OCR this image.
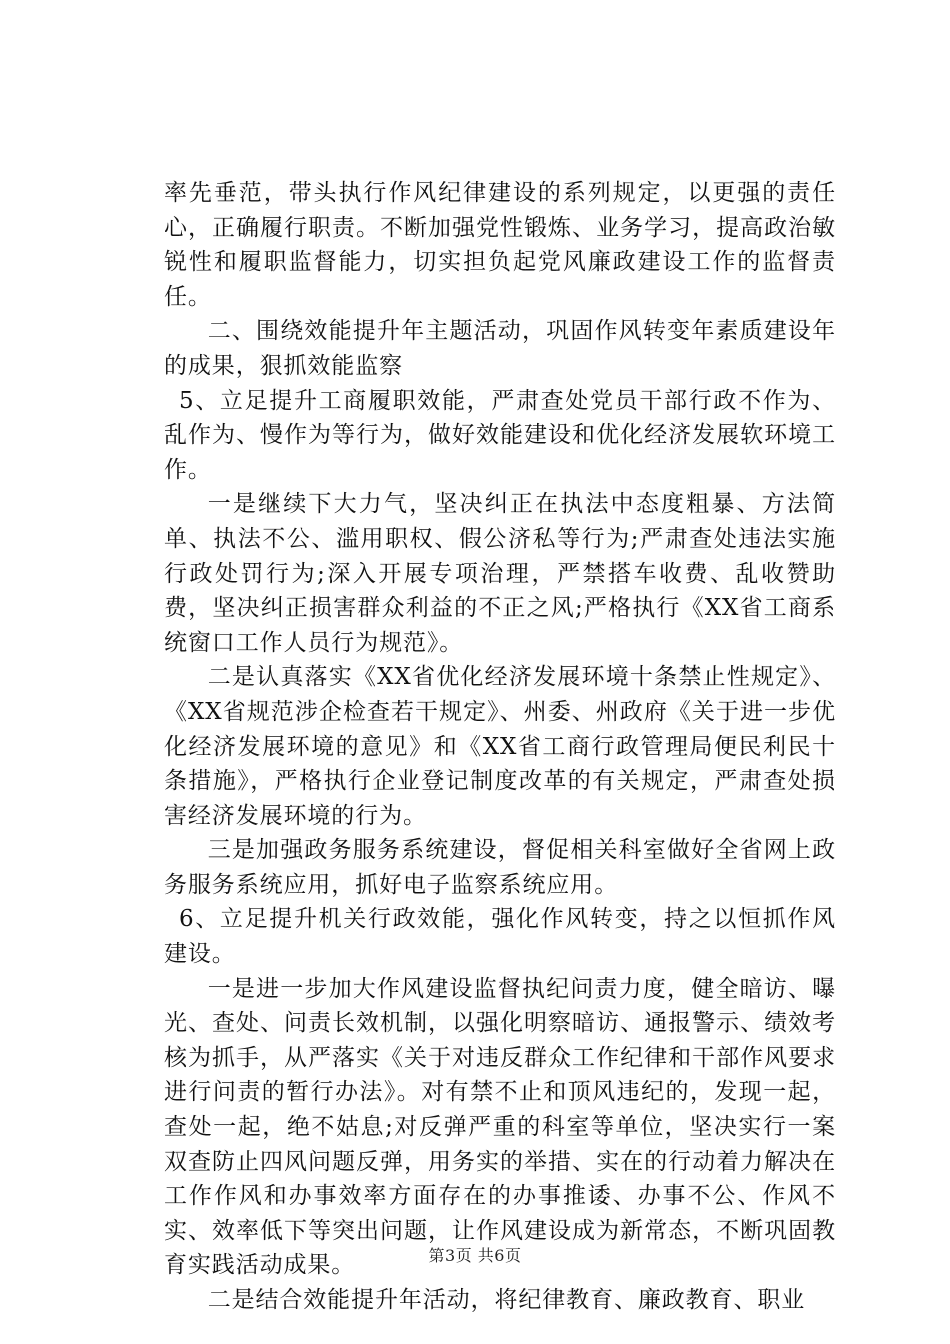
率先垂范，带头执行作风纪律建设的系列规定，以更强的责任心，正确履行职责。不断加强党性锻炼、业务学习，提高政治敏锐性和履职监督能力，切实担负起党风廉政建设工作的监督责任。

二、围绕效能提升年主题活动，巩固作风转变年素质建设年的成果，狠抓效能监察

5、立足提升工商履职效能，严肃查处党员干部行政不作为、乱作为、慢作为等行为，做好效能建设和优化经济发展软环境工作。

一是继续下大力气，坚决纠正在执法中态度粗暴、方法简单、执法不公、滥用职权、假公济私等行为;严肃查处违法实施行政处罚行为;深入开展专项治理，严禁搭车收费、乱收赞助费，坚决纠正损害群众利益的不正之风;严格执行《XX省工商系统窗口工作人员行为规范》。

二是认真落实《XX省优化经济发展环境十条禁止性规定》、《XX省规范涉企检查若干规定》、州委、州政府《关于进一步优化经济发展环境的意见》和《XX省工商行政管理局便民利民十条措施》，严格执行企业登记制度改革的有关规定，严肃查处损害经济发展环境的行为。

三是加强政务服务系统建设，督促相关科室做好全省网上政务服务系统应用，抓好电子监察系统应用。

6、立足提升机关行政效能，强化作风转变，持之以恒抓作风建设。

一是进一步加大作风建设监督执纪问责力度，健全暗访、曝光、查处、问责长效机制，以强化明察暗访、通报警示、绩效考核为抓手，从严落实《关于对违反群众工作纪律和干部作风要求进行问责的暂行办法》。对有禁不止和顶风违纪的，发现一起，查处一起，绝不姑息;对反弹严重的科室等单位，坚决实行一案双查防止四风问题反弹，用务实的举措、实在的行动着力解决在工作作风和办事效率方面存在的办事推诿、办事不公、作风不实、效率低下等突出问题，让作风建设成为新常态，不断巩固教育实践活动成果。

二是结合效能提升年活动，将纪律教育、廉政教育、职业

第3页 共6页
